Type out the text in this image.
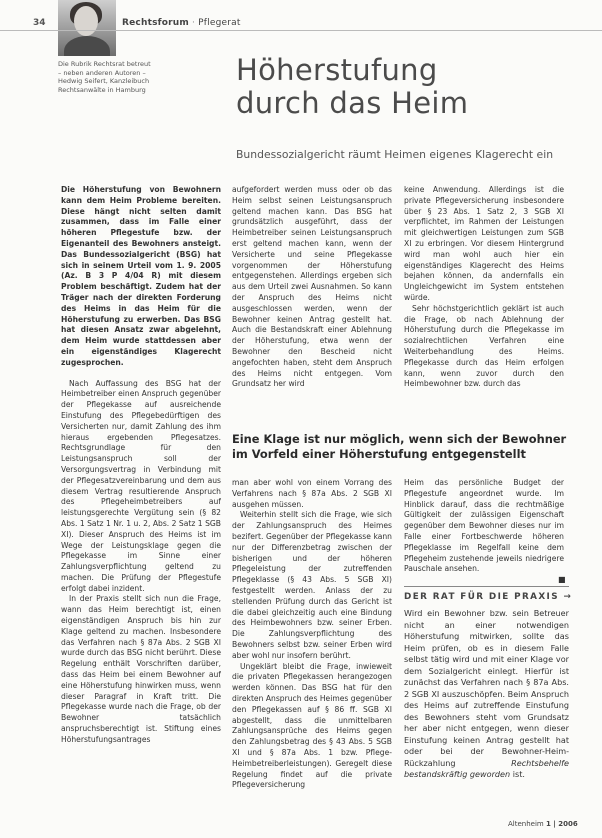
34	Rechtsforum · Pflegerat
Die Rubrik Rechtsrat betreut – neben anderen Autoren – Hedwig Seifert, Kanzleibuch Rechtsanwälte in Hamburg
Höherstufung
durch das Heim
Bundessozialgericht räumt Heimen eigenes Klagerecht ein

Die Höherstufung von Bewohnern kann dem Heim Probleme bereiten. Diese hängt nicht selten damit zusammen, dass im Falle einer höheren Pflegestufe bzw. der Eigenanteil des Bewohners ansteigt. Das Bundessozialgericht (BSG) hat sich in seinem Urteil vom 1. 9. 2005 (Az. B 3 P 4/04 R) mit diesem Problem beschäftigt. Zudem hat der Träger nach der direkten Forderung des Heims in das Heim für die Höherstufung zu erwerben. Das BSG hat diesen Ansatz zwar abgelehnt, dem Heim wurde stattdessen aber ein eigenständiges Klagerecht zugesprochen.

Nach Auffassung des BSG hat der Heimbetreiber einen Anspruch gegenüber der Pflegekasse auf ausreichende Einstufung des Pflegebedürftigen des Versicherten nur, damit Zahlung des ihm hieraus ergebenden Pflegesatzes. Rechtsgrundlage für den Leistungsanspruch soll der Versorgungsvertrag in Verbindung mit der Pflegesatzvereinbarung und dem aus diesem Vertrag resultierende Anspruch des Pflegeheimbetreibers auf leistungsgerechte Vergütung sein (§ 82 Abs. 1 Satz 1 Nr. 1 u. 2, Abs. 2 Satz 1 SGB XI). Dieser Anspruch des Heims ist im Wege der Leistungsklage gegen die Pflegekasse im Sinne einer Zahlungsverpflichtung geltend zu machen. Die Prüfung der Pflegestufe erfolgt dabei inzident.

In der Praxis stellt sich nun die Frage, wann das Heim berechtigt ist, einen eigenständigen Anspruch bis hin zur Klage geltend zu machen. Insbesondere das Verfahren nach § 87a Abs. 2 SGB XI wurde durch das BSG nicht berührt. Diese Regelung enthält Vorschriften darüber, dass das Heim bei einem Bewohner auf eine Höherstufung hinwirken muss, wenn dieser Paragraf in Kraft tritt. Die Pflegekasse wurde nach die Frage, ob der Bewohner tatsächlich anspruchsberechtigt ist. Stiftung eines Höherstufungsantrages

aufgefordert werden muss oder ob das Heim selbst seinen Leistungsanspruch geltend machen kann. Das BSG hat grundsätzlich ausgeführt, dass der Heimbetreiber seinen Leistungsanspruch erst geltend machen kann, wenn der Versicherte und seine Pflegekasse vorgenommen der Höherstufung entgegenstehen. Allerdings ergeben sich aus dem Urteil zwei Ausnahmen. So kann der Anspruch des Heims nicht ausgeschlossen werden, wenn der Bewohner keinen Antrag gestellt hat. Auch die Bestandskraft einer Ablehnung der Höherstufung, etwa wenn der Bewohner den Bescheid nicht angefochten haben, steht dem Anspruch des Heims nicht entgegen. Vom Grundsatz her wird

keine Anwendung. Allerdings ist die private Pflegeversicherung insbesondere über § 23 Abs. 1 Satz 2, 3 SGB XI verpflichtet, im Rahmen der Leistungen mit gleichwertigen Leistungen zum SGB XI zu erbringen. Vor diesem Hintergrund wird man wohl auch hier ein eigenständiges Klagerecht des Heims bejahen können, da andernfalls ein Ungleichgewicht im System entstehen würde.

Sehr höchstgerichtlich geklärt ist auch die Frage, ob nach Ablehnung der Höherstufung durch die Pflegekasse im sozialrechtlichen Verfahren eine Weiterbehandlung des Heims. Pflegekasse durch das Heim erfolgen kann, wenn zuvor durch den Heimbewohner bzw. durch das

Eine Klage ist nur möglich, wenn sich der Bewohner im Vorfeld einer Höherstufung entgegenstellt

man aber wohl von einem Vorrang des Verfahrens nach § 87a Abs. 2 SGB XI ausgehen müssen.

Weiterhin stellt sich die Frage, wie sich der Zahlungsanspruch des Heimes bezifert. Gegenüber der Pflegekasse kann nur der Differenzbetrag zwischen der bisherigen und der höheren Pflegeleistung der zutreffenden Pflegeklasse (§ 43 Abs. 5 SGB XI) festgestellt werden. Anlass der zu stellenden Prüfung durch das Gericht ist die dabei gleichzeitig auch eine Bindung des Heimbewohners bzw. seiner Erben. Die Zahlungsverpflichtung des Bewohners selbst bzw. seiner Erben wird aber wohl nur insofern berührt.

Ungeklärt bleibt die Frage, inwieweit die privaten Pflegekassen herangezogen werden können. Das BSG hat für den direkten Anspruch des Heimes gegenüber den Pflegekassen auf § 86 ff. SGB XI abgestellt, dass die unmittelbaren Zahlungsansprüche des Heims gegen den Zahlungsbetrag des § 43 Abs. 5 SGB XI und § 87a Abs. 1 bzw. Pflege-Heimbetreiberleistungen). Geregelt diese Regelung findet auf die private Pflegeversicherung

Heim das persönliche Budget der Pflegestufe angeordnet wurde. Im Hinblick darauf, dass die rechtmäßige Gültigkeit der zulässigen Eigenschaft gegenüber dem Bewohner dieses nur im Falle einer Fortbeschwerde höheren Pflegeklasse im Regelfall keine dem Pflegeheim zustehende jeweils niedrigere Pauschale ansehen.

■
DER RAT FÜR DIE PRAXIS →
Wird ein Bewohner bzw. sein Betreuer nicht an einer notwendigen Höherstufung mitwirken, sollte das Heim prüfen, ob es in diesem Falle selbst tätig wird und mit einer Klage vor dem Sozialgericht einlegt. Hierfür ist zunächst das Verfahren nach § 87a Abs. 2 SGB XI auszuschöpfen. Beim Anspruch des Heims auf zutreffende Einstufung des Bewohners steht vom Grundsatz her aber nicht entgegen, wenn dieser Einstufung keinen Antrag gestellt hat oder bei der Bewohner-Heim-Rückzahlung Rechtsbehelfe bestandskräftig geworden ist.
Altenheim 1 | 2006
